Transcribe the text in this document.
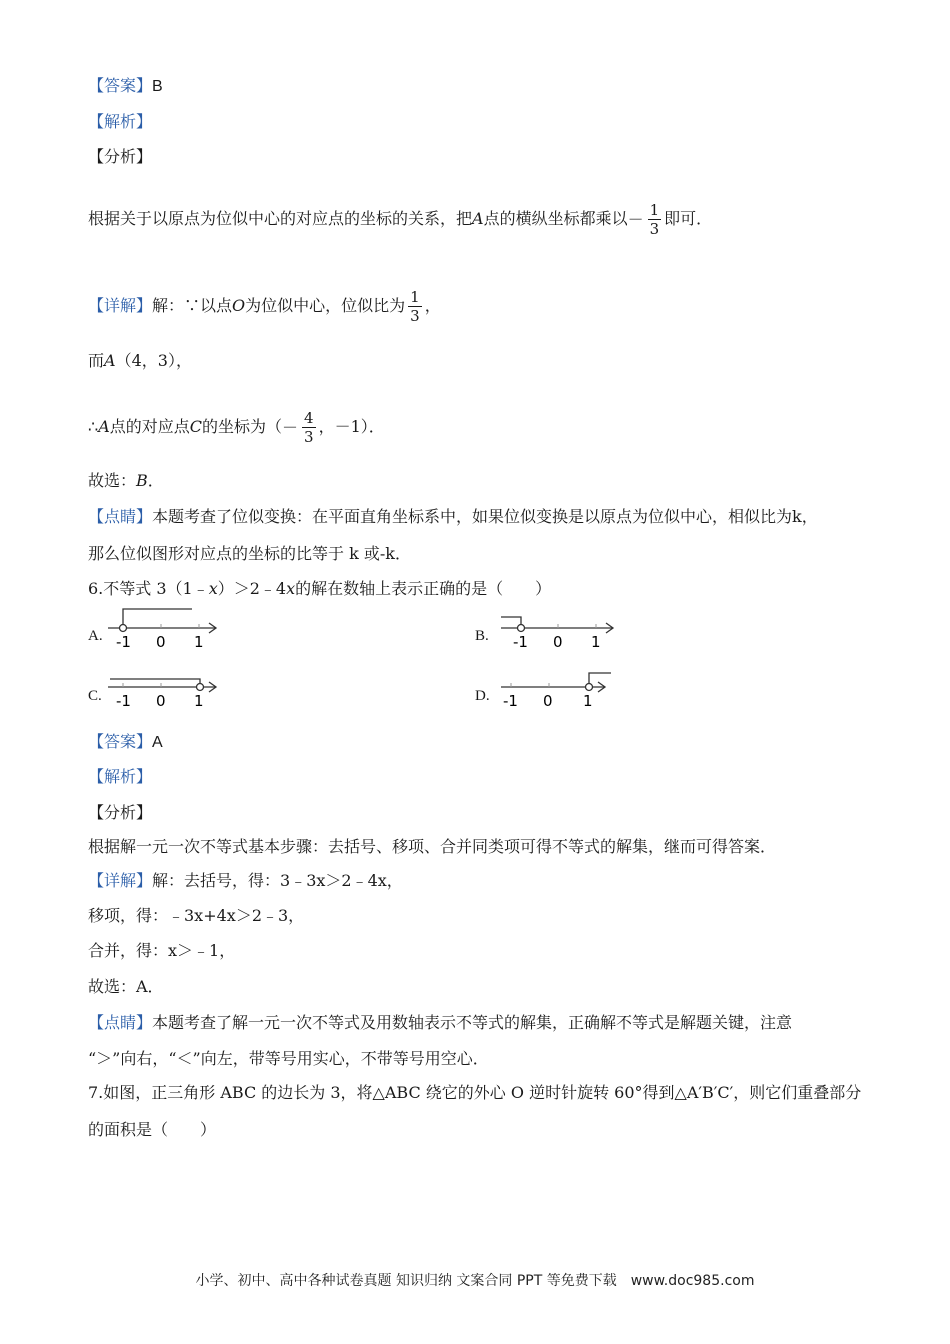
【答案】B
【解析】
【分析】
根据关于以原点为位似中心的对应点的坐标的关系，把A点的横纵坐标都乘以－ $\frac{1}{3}$ 即可．
【详解】解：∵以点O为位似中心，位似比为 $\frac{1}{3}$ ，
而A（4，3），
∴A点的对应点C的坐标为（－ $\frac{4}{3}$ ，－1）．
故选：B．
【点睛】本题考查了位似变换：在平面直角坐标系中，如果位似变换是以原点为位似中心，相似比为k，
那么位似图形对应点的坐标的比等于 k 或-k．
6.不等式 3（1﹣x）＞2﹣4x的解在数轴上表示正确的是（　　）
A. -1 0 1	B. -1 0 1
C. -1 0 1	D. -1 0 1
【答案】A
【解析】
【分析】
根据解一元一次不等式基本步骤：去括号、移项、合并同类项可得不等式的解集，继而可得答案．
【详解】解：去括号，得：3﹣3x＞2﹣4x，
移项，得：﹣3x+4x＞2﹣3，
合并，得：x＞﹣1，
故选：A．
【点睛】本题考查了解一元一次不等式及用数轴表示不等式的解集，正确解不等式是解题关键，注意
“＞”向右，“＜”向左，带等号用实心，不带等号用空心．
7.如图，正三角形 ABC 的边长为 3，将△ABC 绕它的外心 O 逆时针旋转 60°得到△A′B′C′，则它们重叠部分
的面积是（　　）
小学、初中、高中各种试卷真题 知识归纳 文案合同 PPT 等免费下载　www.doc985.com
